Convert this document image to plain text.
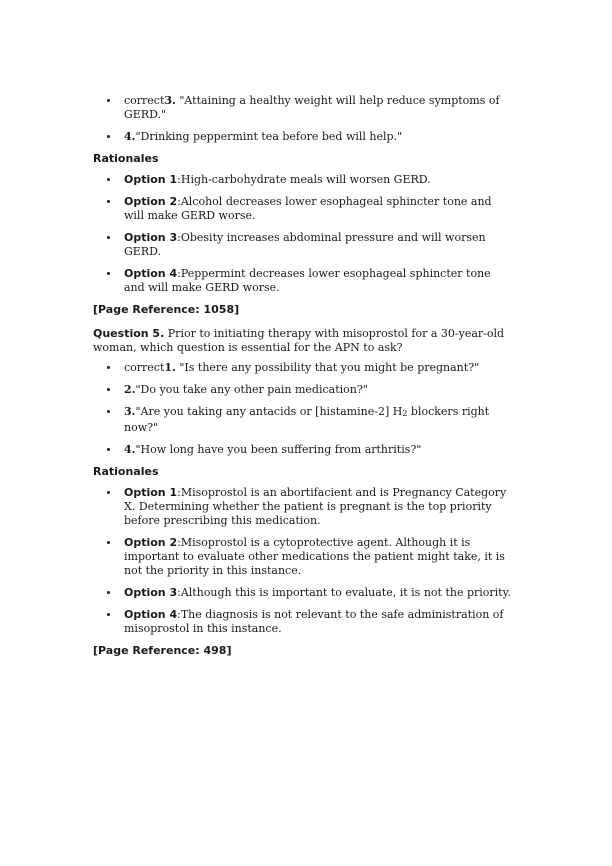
correct3. "Attaining a healthy weight will help reduce symptoms of GERD."
4."Drinking peppermint tea before bed will help."
Rationales
Option 1:High-carbohydrate meals will worsen GERD.
Option 2:Alcohol decreases lower esophageal sphincter tone and will make GERD worse.
Option 3:Obesity increases abdominal pressure and will worsen GERD.
Option 4:Peppermint decreases lower esophageal sphincter tone and will make GERD worse.
[Page Reference: 1058]
Question 5. Prior to initiating therapy with misoprostol for a 30-year-old woman, which question is essential for the APN to ask?
correct1. "Is there any possibility that you might be pregnant?"
2."Do you take any other pain medication?"
3."Are you taking any antacids or [histamine-2] H2 blockers right now?"
4."How long have you been suffering from arthritis?"
Rationales
Option 1:Misoprostol is an abortifacient and is Pregnancy Category X. Determining whether the patient is pregnant is the top priority before prescribing this medication.
Option 2:Misoprostol is a cytoprotective agent. Although it is important to evaluate other medications the patient might take, it is not the priority in this instance.
Option 3:Although this is important to evaluate, it is not the priority.
Option 4:The diagnosis is not relevant to the safe administration of misoprostol in this instance.
[Page Reference: 498]
